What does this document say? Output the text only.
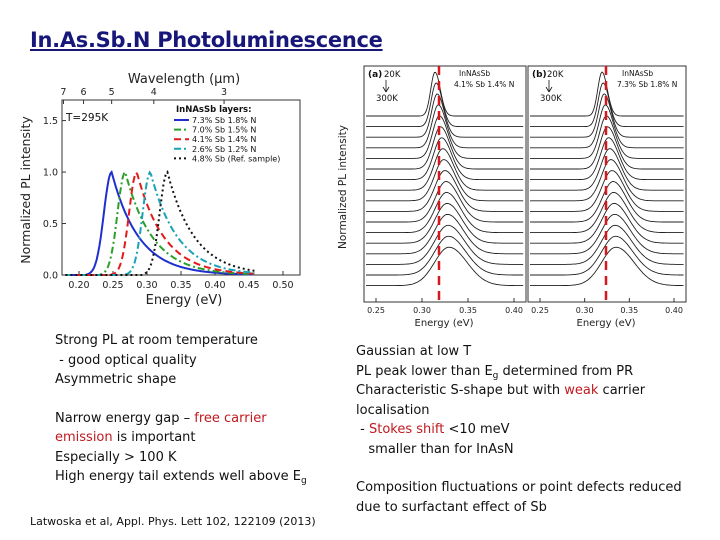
In.As.Sb.N Photoluminescence
Wavelength (μm)
7 6 5	4	3
Normalized PL intensity
Energy (eV)
0.0
0.5
1.0
1.5
0.20 0.25 0.30 0.35 0.40 0.45 0.50
T=295K
InNAsSb layers:
7.3% Sb 1.8% N
7.0% Sb 1.5% N
4.1% Sb 1.4% N
2.6% Sb 1.2% N
4.8% Sb (Ref. sample)	Normalized PL intensity
(a) 20K
300K
InNAsSb
4.1% Sb 1.4% N
(b) 20K
300K
InNAsSb
7.3% Sb 1.8% N
0.25	0.30	0.35	0.40 0.25	0.30	0.35	0.40
Energy (eV)	Energy (eV)
Strong PL at room temperature
- good optical quality
Asymmetric shape
Narrow energy gap – free carrier
emission is important
Especially > 100 K
High energy tail extends well above $E_g$
Gaussian at low T
PL peak lower than $E_g$ determined from PR
Characteristic S-shape but with weak carrier
localisation
- Stokes shift <10 meV
smaller than for InAsN
Composition fluctuations or point defects reduced
due to surfactant effect of Sb
Latwoska et al, Appl. Phys. Lett 102, 122109 (2013)
